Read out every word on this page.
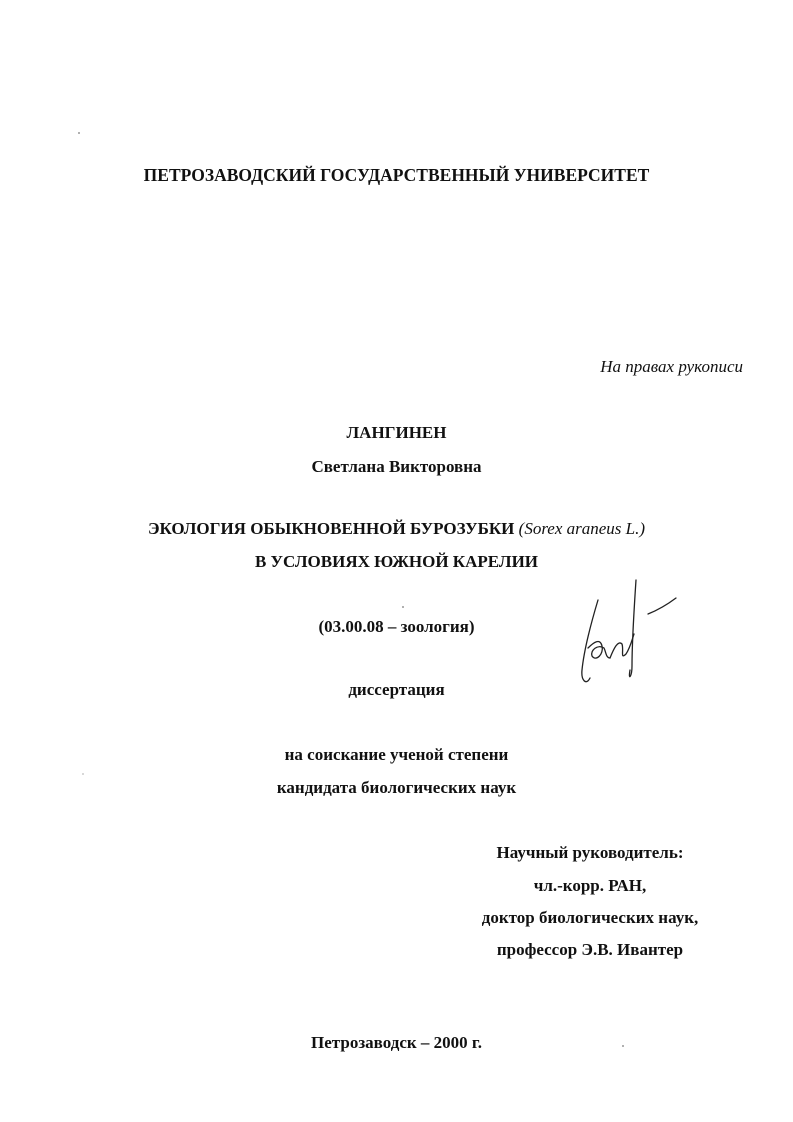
ПЕТРОЗАВОДСКИЙ ГОСУДАРСТВЕННЫЙ УНИВЕРСИТЕТ
На правах рукописи
ЛАНГИНЕН
Светлана Викторовна
ЭКОЛОГИЯ ОБЫКНОВЕННОЙ БУРОЗУБКИ (Sorex araneus L.)
В УСЛОВИЯХ ЮЖНОЙ КАРЕЛИИ
(03.00.08 – зоология)
диссертация
на соискание ученой степени
кандидата биологических наук
Научный руководитель:
чл.-корр. РАН,
доктор биологических наук,
профессор Э.В. Ивантер
Петрозаводск – 2000 г.
